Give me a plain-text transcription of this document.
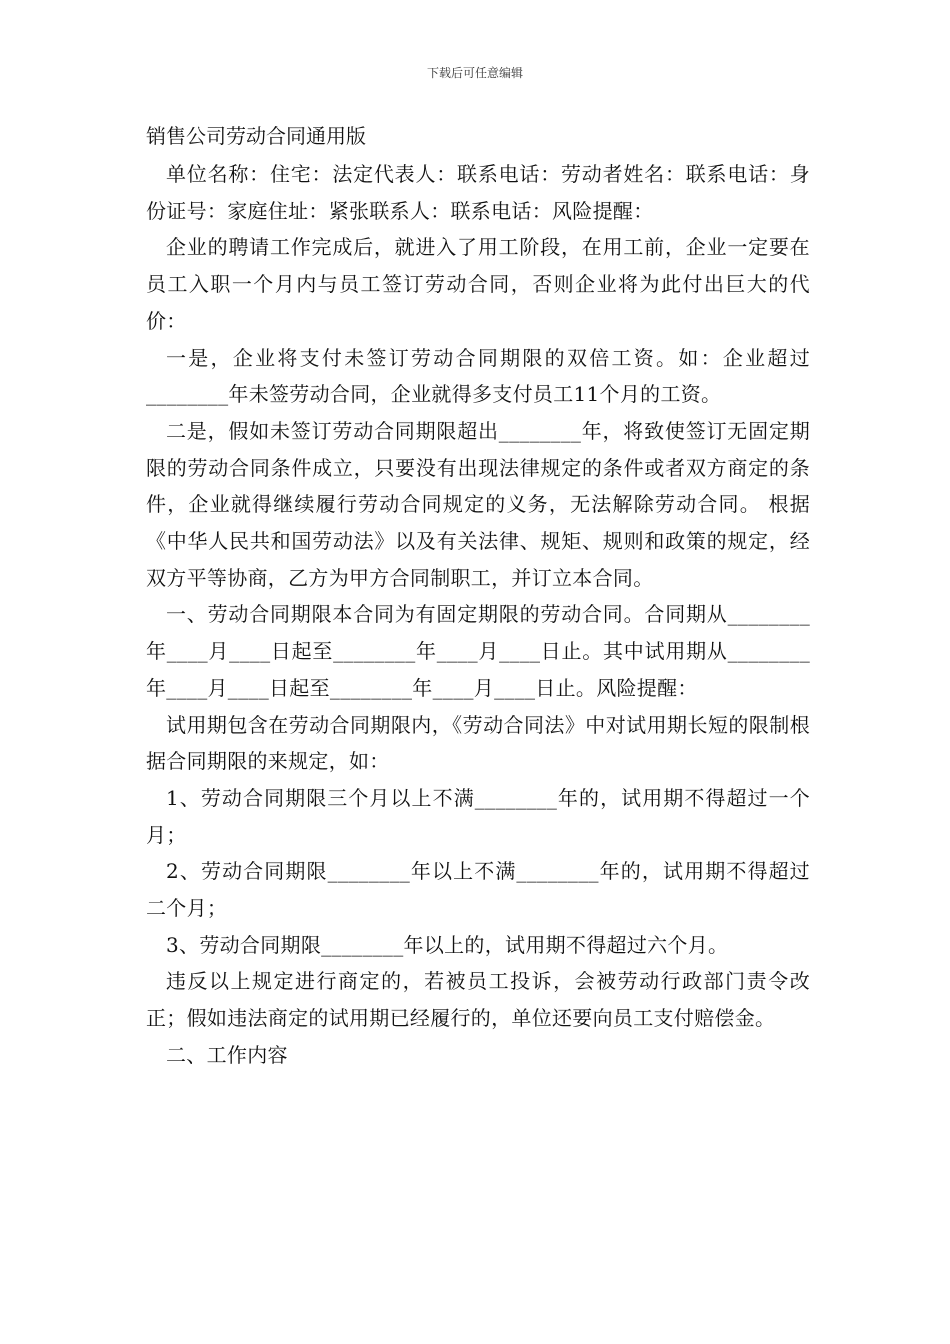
下载后可任意编辑
销售公司劳动合同通用版

单位名称：住宅：法定代表人：联系电话：劳动者姓名：联系电话：身份证号：家庭住址：紧张联系人：联系电话：风险提醒：

企业的聘请工作完成后，就进入了用工阶段，在用工前，企业一定要在员工入职一个月内与员工签订劳动合同，否则企业将为此付出巨大的代价：

一是，企业将支付未签订劳动合同期限的双倍工资。如：企业超过________年未签劳动合同，企业就得多支付员工11个月的工资。

二是，假如未签订劳动合同期限超出________年，将致使签订无固定期限的劳动合同条件成立，只要没有出现法律规定的条件或者双方商定的条件，企业就得继续履行劳动合同规定的义务，无法解除劳动合同。 根据《中华人民共和国劳动法》以及有关法律、规矩、规则和政策的规定，经双方平等协商，乙方为甲方合同制职工，并订立本合同。

一、劳动合同期限本合同为有固定期限的劳动合同。合同期从________年____月____日起至________年____月____日止。其中试用期从________年____月____日起至________年____月____日止。风险提醒：

试用期包含在劳动合同期限内，《劳动合同法》中对试用期长短的限制根据合同期限的来规定，如：

1、劳动合同期限三个月以上不满________年的，试用期不得超过一个月；

2、劳动合同期限________年以上不满________年的，试用期不得超过二个月；

3、劳动合同期限________年以上的，试用期不得超过六个月。

违反以上规定进行商定的，若被员工投诉，会被劳动行政部门责令改正；假如违法商定的试用期已经履行的，单位还要向员工支付赔偿金。

二、工作内容
